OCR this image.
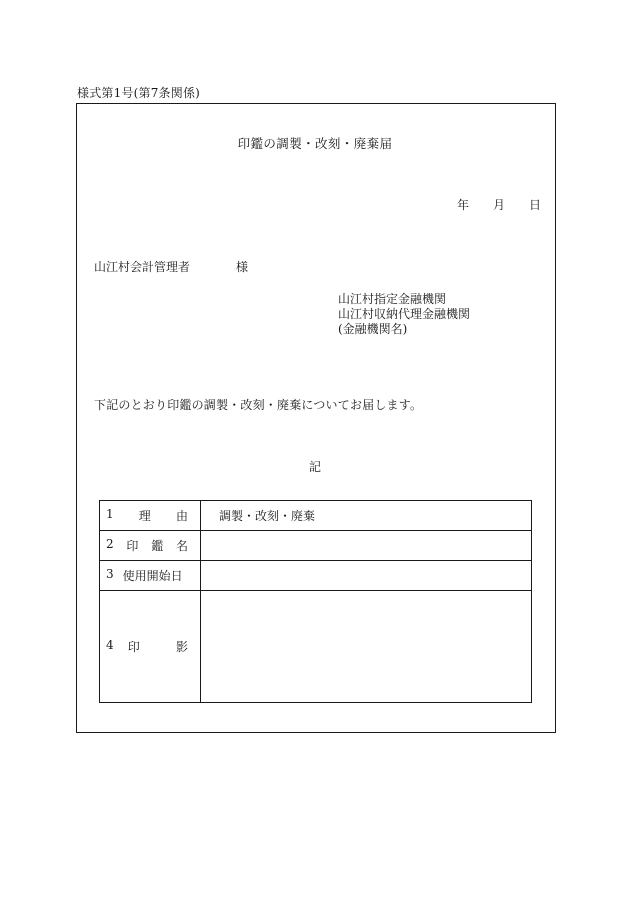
様式第1号(第7条関係)
印鑑の調製・改刻・廃棄届
年 月 日
山江村会計管理者	様
山江村指定金融機関
山江村収納代理金融機関
(金融機関名)
下記のとおり印鑑の調製・改刻・廃棄についてお届します。
記
1 理 由	調製・改刻・廃棄

2 印 鑑 名	

3 使用開始日	

4 印 影	
